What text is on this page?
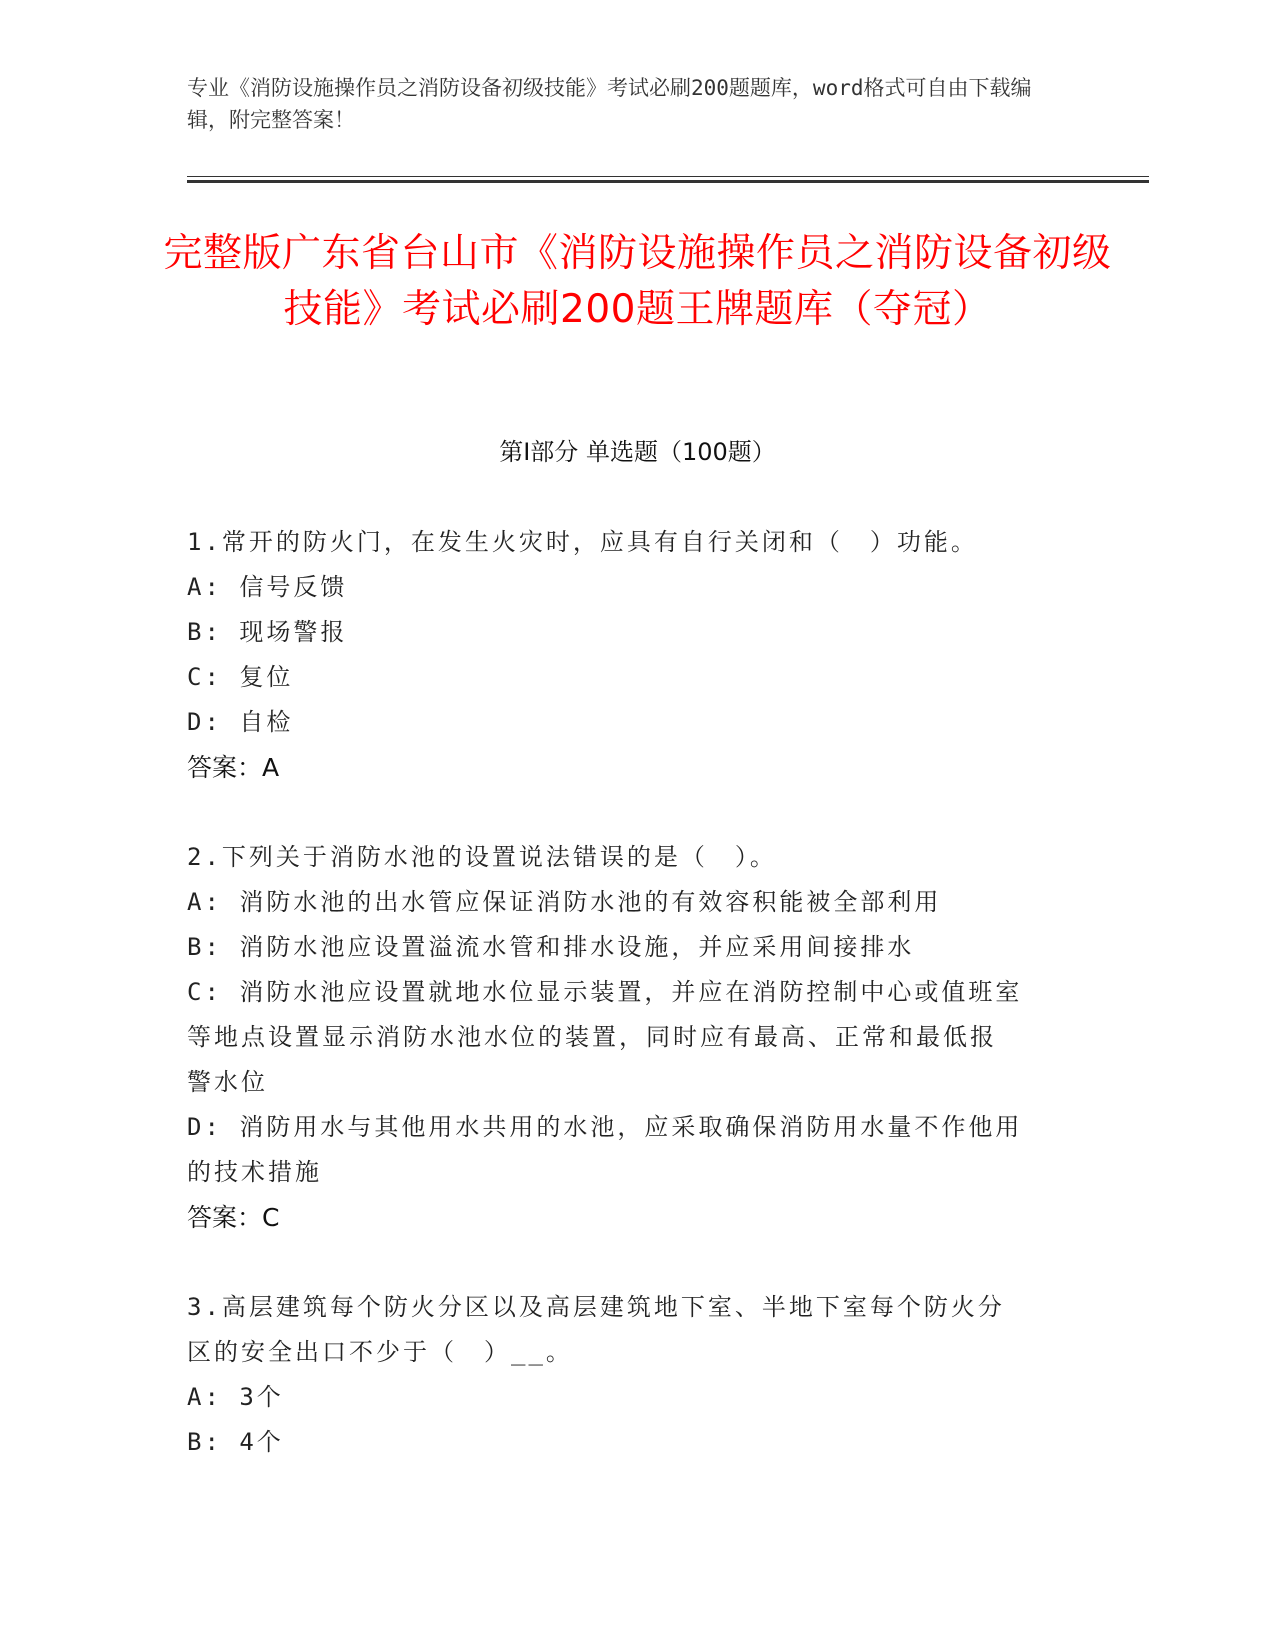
专业《消防设施操作员之消防设备初级技能》考试必刷200题题库，word格式可自由下载编辑，附完整答案！
完整版广东省台山市《消防设施操作员之消防设备初级技能》考试必刷200题王牌题库（夺冠）
第Ⅰ部分 单选题（100题）
1.常开的防火门，在发生火灾时，应具有自行关闭和（　）功能。
A: 信号反馈
B: 现场警报
C: 复位
D: 自检
答案：A
2.下列关于消防水池的设置说法错误的是（　）。
A: 消防水池的出水管应保证消防水池的有效容积能被全部利用
B: 消防水池应设置溢流水管和排水设施，并应采用间接排水
C: 消防水池应设置就地水位显示装置，并应在消防控制中心或值班室
等地点设置显示消防水池水位的装置，同时应有最高、正常和最低报
警水位
D: 消防用水与其他用水共用的水池，应采取确保消防用水量不作他用
的技术措施
答案：C
3.高层建筑每个防火分区以及高层建筑地下室、半地下室每个防火分
区的安全出口不少于（　）__。
A: 3个
B: 4个
